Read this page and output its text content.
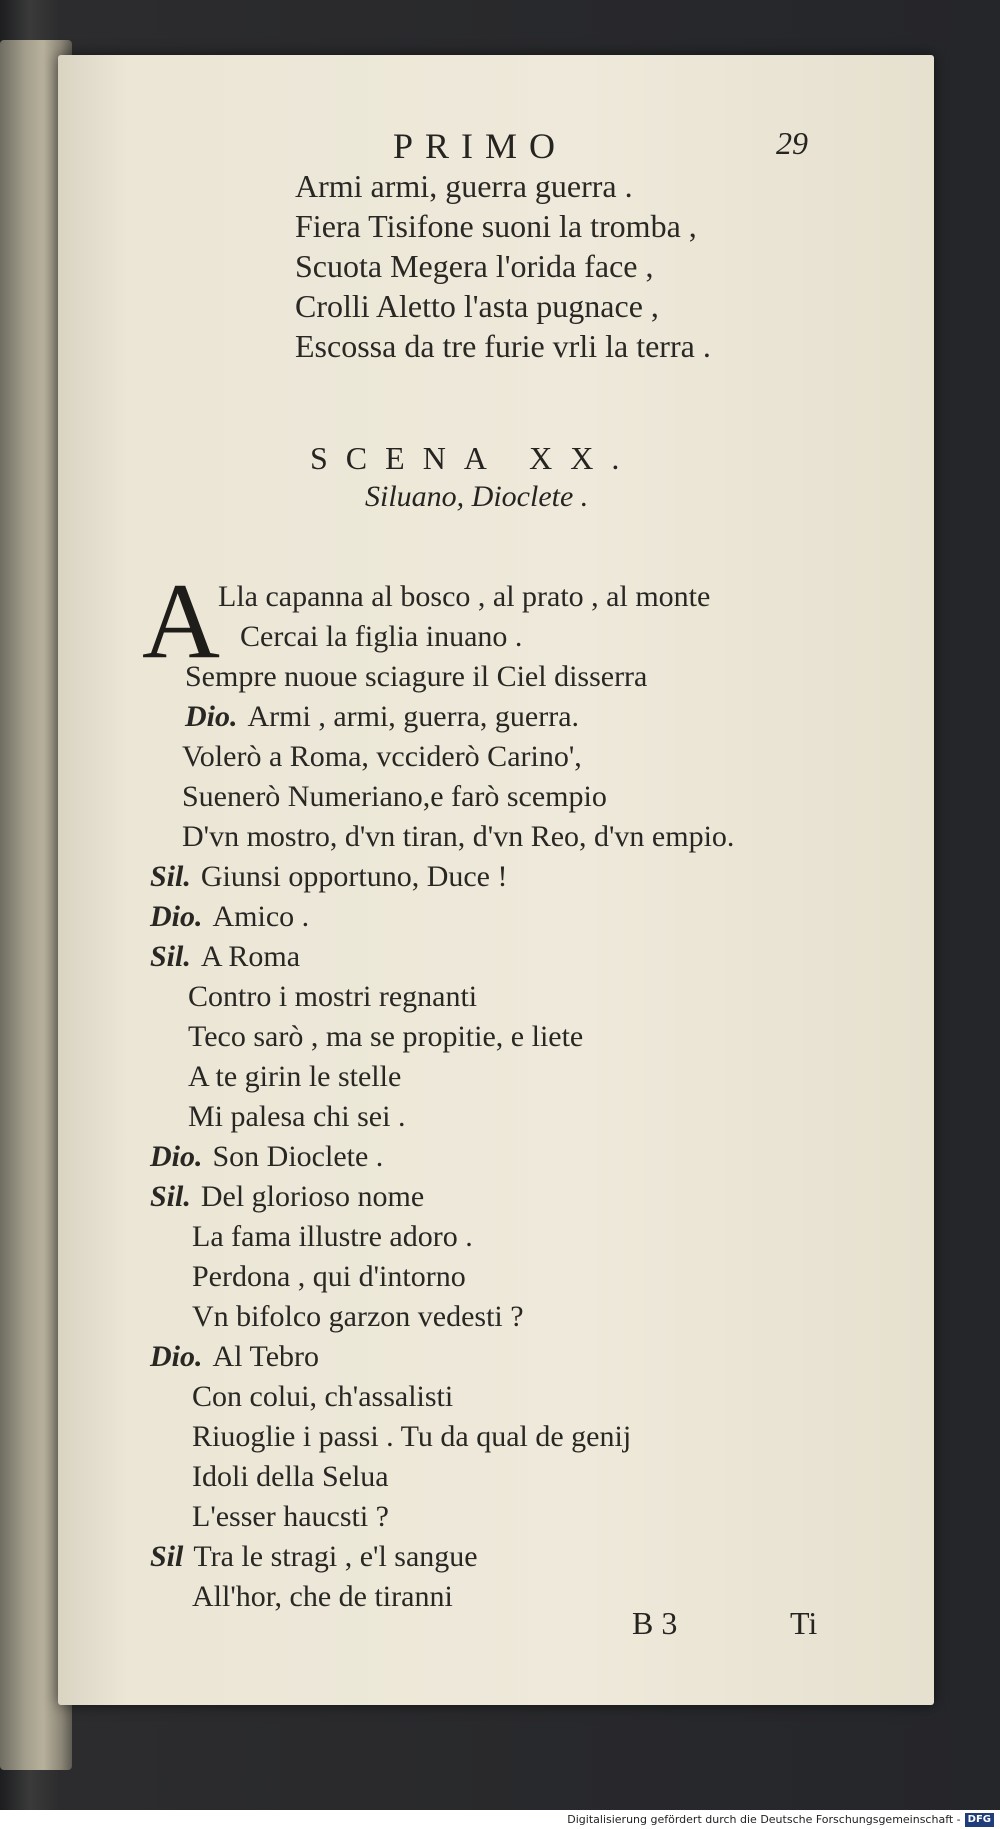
PRIMO	29
Armi armi, guerra guerra .
Fiera Tisifone suoni la tromba ,
Scuota Megera l'orida face ,
Crolli Aletto l'asta pugnace ,
Escossa da tre furie vrli la terra .
SCENA XX.
Siluano, Dioclete .
A
Lla capanna al bosco , al prato , al monte
Cercai la figlia inuano .
Sempre nuoue sciagure il Ciel disserra
Dio. Armi , armi, guerra, guerra.
Volerò a Roma, vcciderò Carino',
Suenerò Numeriano,e farò scempio
D'vn mostro, d'vn tiran, d'vn Reo, d'vn empio.
Sil. Giunsi opportuno, Duce !
Dio. Amico .
Sil. A Roma
Contro i mostri regnanti
Teco sarò , ma se propitie, e liete
A te girin le stelle
Mi palesa chi sei .
Dio. Son Dioclete .
Sil. Del glorioso nome
La fama illustre adoro .
Perdona , qui d'intorno
Vn bifolco garzon vedesti ?
Dio. Al Tebro
Con colui, ch'assalisti
Riuoglie i passi . Tu da qual de genij
Idoli della Selua
L'esser haucsti ?
Sil Tra le stragi , e'l sangue
All'hor, che de tiranni
B 3	Ti
Digitalisierung gefördert durch die Deutsche Forschungsgemeinschaft - DFG
